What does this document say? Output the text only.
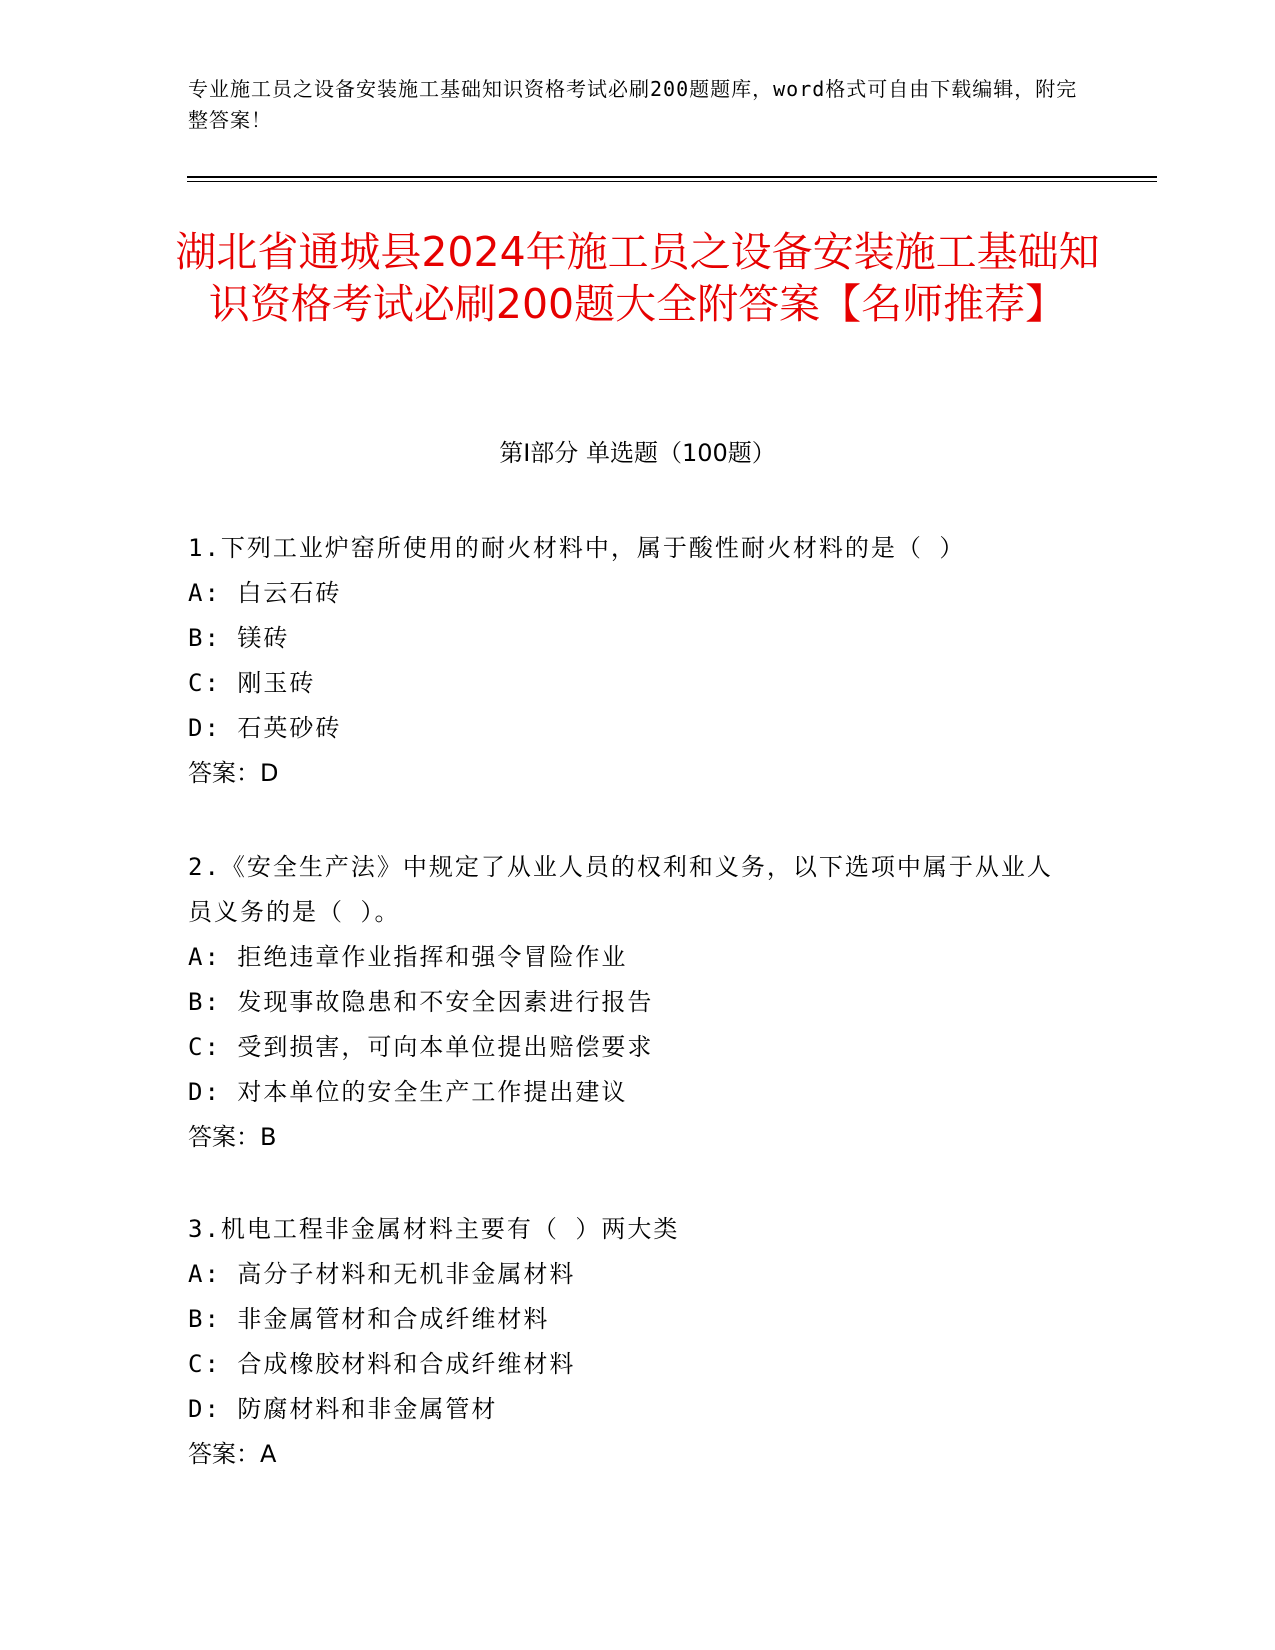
专业施工员之设备安装施工基础知识资格考试必刷200题题库，word格式可自由下载编辑，附完整答案！
湖北省通城县2024年施工员之设备安装施工基础知识资格考试必刷200题大全附答案【名师推荐】
第Ⅰ部分 单选题（100题）
1.下列工业炉窑所使用的耐火材料中，属于酸性耐火材料的是（ ）
A: 白云石砖
B: 镁砖
C: 刚玉砖
D: 石英砂砖
答案：D
2.《安全生产法》中规定了从业人员的权利和义务，以下选项中属于从业人员义务的是（ ）。
A: 拒绝违章作业指挥和强令冒险作业
B: 发现事故隐患和不安全因素进行报告
C: 受到损害，可向本单位提出赔偿要求
D: 对本单位的安全生产工作提出建议
答案：B
3.机电工程非金属材料主要有（ ）两大类
A: 高分子材料和无机非金属材料
B: 非金属管材和合成纤维材料
C: 合成橡胶材料和合成纤维材料
D: 防腐材料和非金属管材
答案：A
